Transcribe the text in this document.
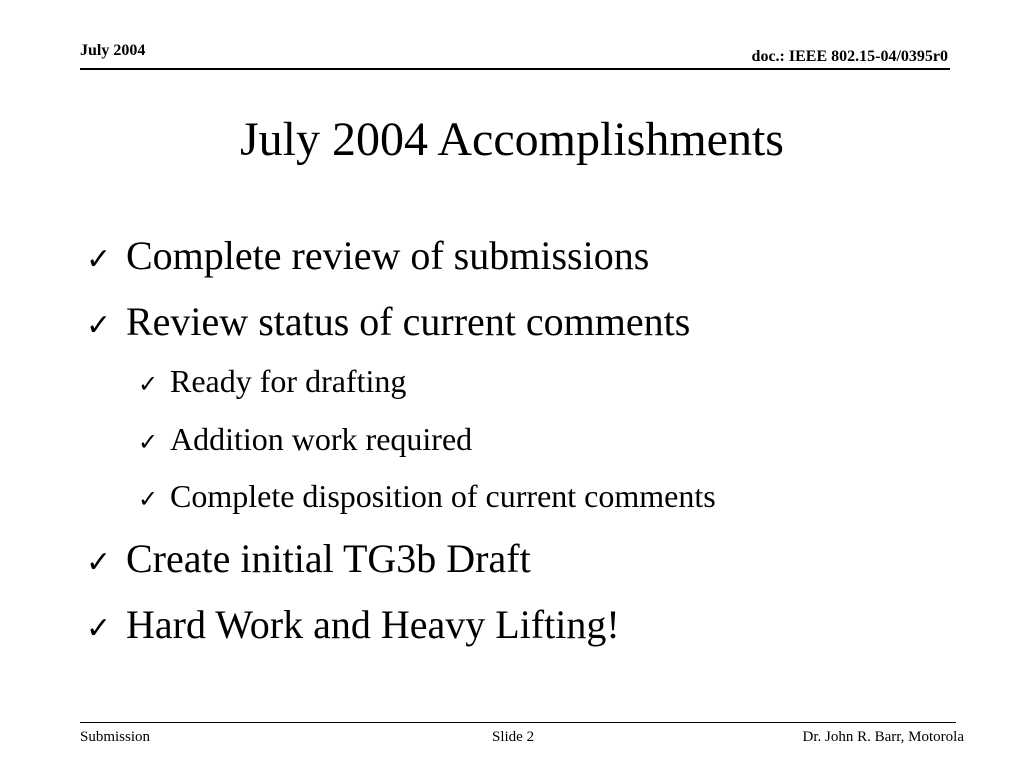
July 2004	doc.: IEEE 802.15-04/0395r0
July 2004 Accomplishments
✓ Complete review of submissions
✓ Review status of current comments
✓ Ready for drafting
✓ Addition work required
✓ Complete disposition of current comments
✓ Create initial TG3b Draft
✓ Hard Work and Heavy Lifting!
Submission	Slide 2	Dr. John R. Barr, Motorola
